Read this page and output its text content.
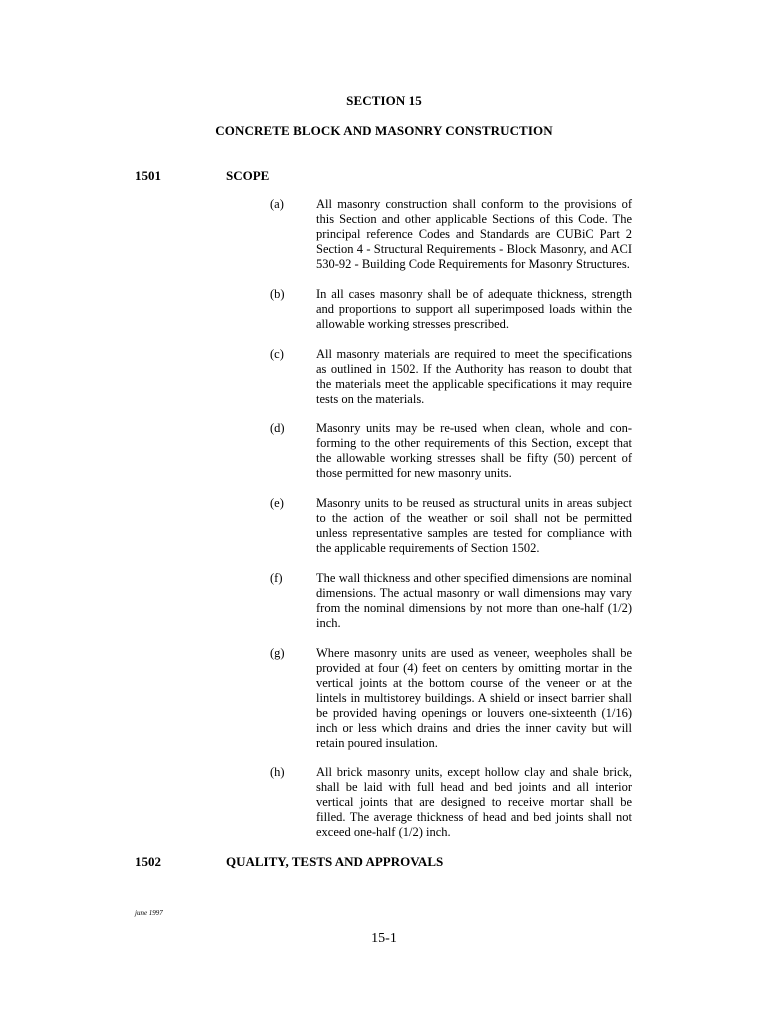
SECTION 15
CONCRETE BLOCK AND MASONRY CONSTRUCTION
1501	SCOPE
(a)	All masonry construction shall conform to the provisions of this Section and other applicable Sections of this Code. The principal reference Codes and Standards are CUBiC Part 2 Section 4 - Structural Requirements - Block Masonry, and ACI 530-92 - Building Code Requirements for Masonry Structures.
(b)	In all cases masonry shall be of adequate thickness, strength and proportions to support all superimposed loads within the allowable working stresses prescribed.
(c)	All masonry materials are required to meet the specifications as outlined in 1502. If the Authority has reason to doubt that the materials meet the applicable specifications it may require tests on the materials.
(d)	Masonry units may be re-used when clean, whole and con- forming to the other requirements of this Section, except that the allowable working stresses shall be fifty (50) percent of those permitted for new masonry units.
(e)	Masonry units to be reused as structural units in areas subject to the action of the weather or soil shall not be permitted unless representative samples are tested for compliance with the applicable requirements of Section 1502.
(f)	The wall thickness and other specified dimensions are nominal dimensions. The actual masonry or wall dimensions may vary from the nominal dimensions by not more than one-half (1/2) inch.
(g)	Where masonry units are used as veneer, weepholes shall be provided at four (4) feet on centers by omitting mortar in the vertical joints at the bottom course of the veneer or at the lintels in multistorey buildings. A shield or insect barrier shall be provided having openings or louvers one-sixteenth (1/16) inch or less which drains and dries the inner cavity but will retain poured insulation.
(h)	All brick masonry units, except hollow clay and shale brick, shall be laid with full head and bed joints and all interior vertical joints that are designed to receive mortar shall be filled. The average thickness of head and bed joints shall not exceed one-half (1/2) inch.
1502	QUALITY, TESTS AND APPROVALS
june 1997
15-1
